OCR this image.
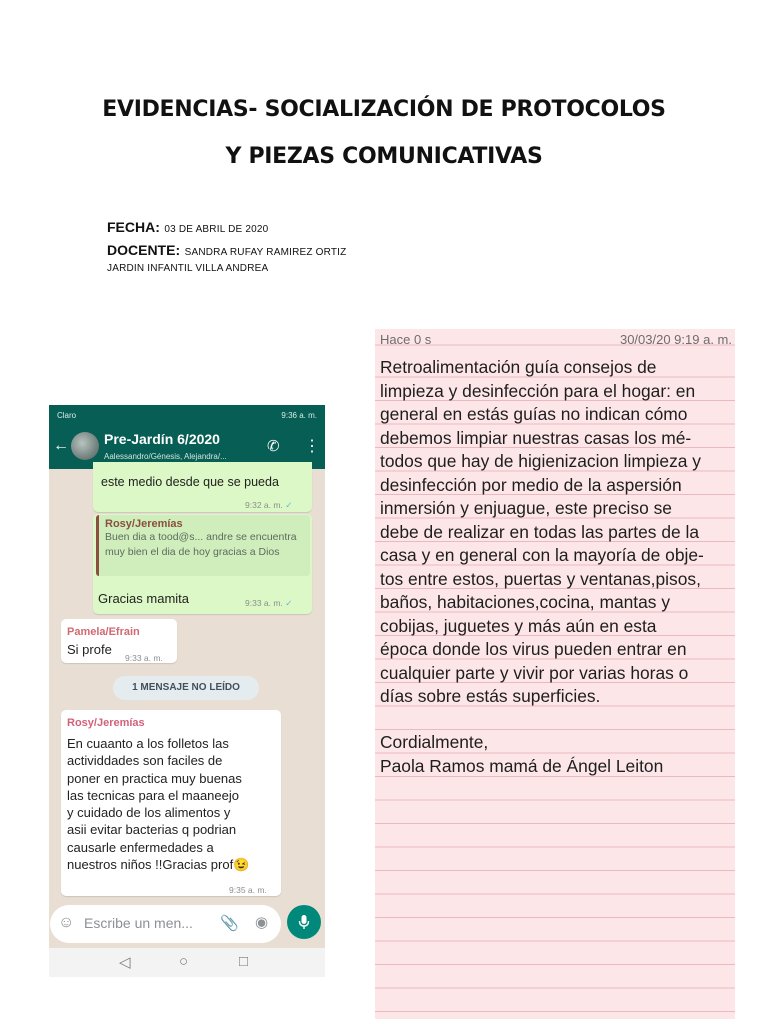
EVIDENCIAS- SOCIALIZACIÓN DE PROTOCOLOS
Y PIEZAS COMUNICATIVAS
FECHA: 03 DE ABRIL DE 2020
DOCENTE: SANDRA RUFAY RAMIREZ ORTIZ
JARDIN INFANTIL VILLA ANDREA
Claro	9:36 a. m.
←	Pre-Jardín 6/2020
Aalessandro/Génesis, Alejandra/...
✆ ⋮
este medio desde que se pueda
9:32 a. m. ✓
Rosy/Jeremías
Buen dia a tood@s... andre se encuentra muy bien el dia de hoy gracias a Dios
Gracias mamita	9:33 a. m. ✓
Pamela/Efrain
Si profe
9:33 a. m.
1 MENSAJE NO LEÍDO
Rosy/Jeremías
En cuaanto a los folletos las
actividdades son faciles de
poner en practica muy buenas
las tecnicas para el maaneejo
y cuidado de los alimentos y
asii evitar bacterias q podrian
causarle enfermedades a
nuestros niños !!Gracias prof😉
9:35 a. m.
☺ Escribe un men... 📎 ◉
◁	○	□
Hace 0 s	30/03/20 9:19 a. m.

Retroalimentación guía consejos de

limpieza y desinfección para el hogar: en

general en estás guías no indican cómo

debemos limpiar nuestras casas los mé-

todos que hay de higienizacion limpieza y

desinfección por medio de la aspersión

inmersión y enjuague, este preciso se

debe de realizar en todas las partes de la

casa y en general con la mayoría de obje-

tos entre estos, puertas y ventanas,pisos,

baños, habitaciones,cocina, mantas y

cobijas, juguetes y más aún en esta

época donde los virus pueden entrar en

cualquier parte y vivir por varias horas o

días sobre estás superficies.

Cordialmente,
Paola Ramos mamá de Ángel Leiton
